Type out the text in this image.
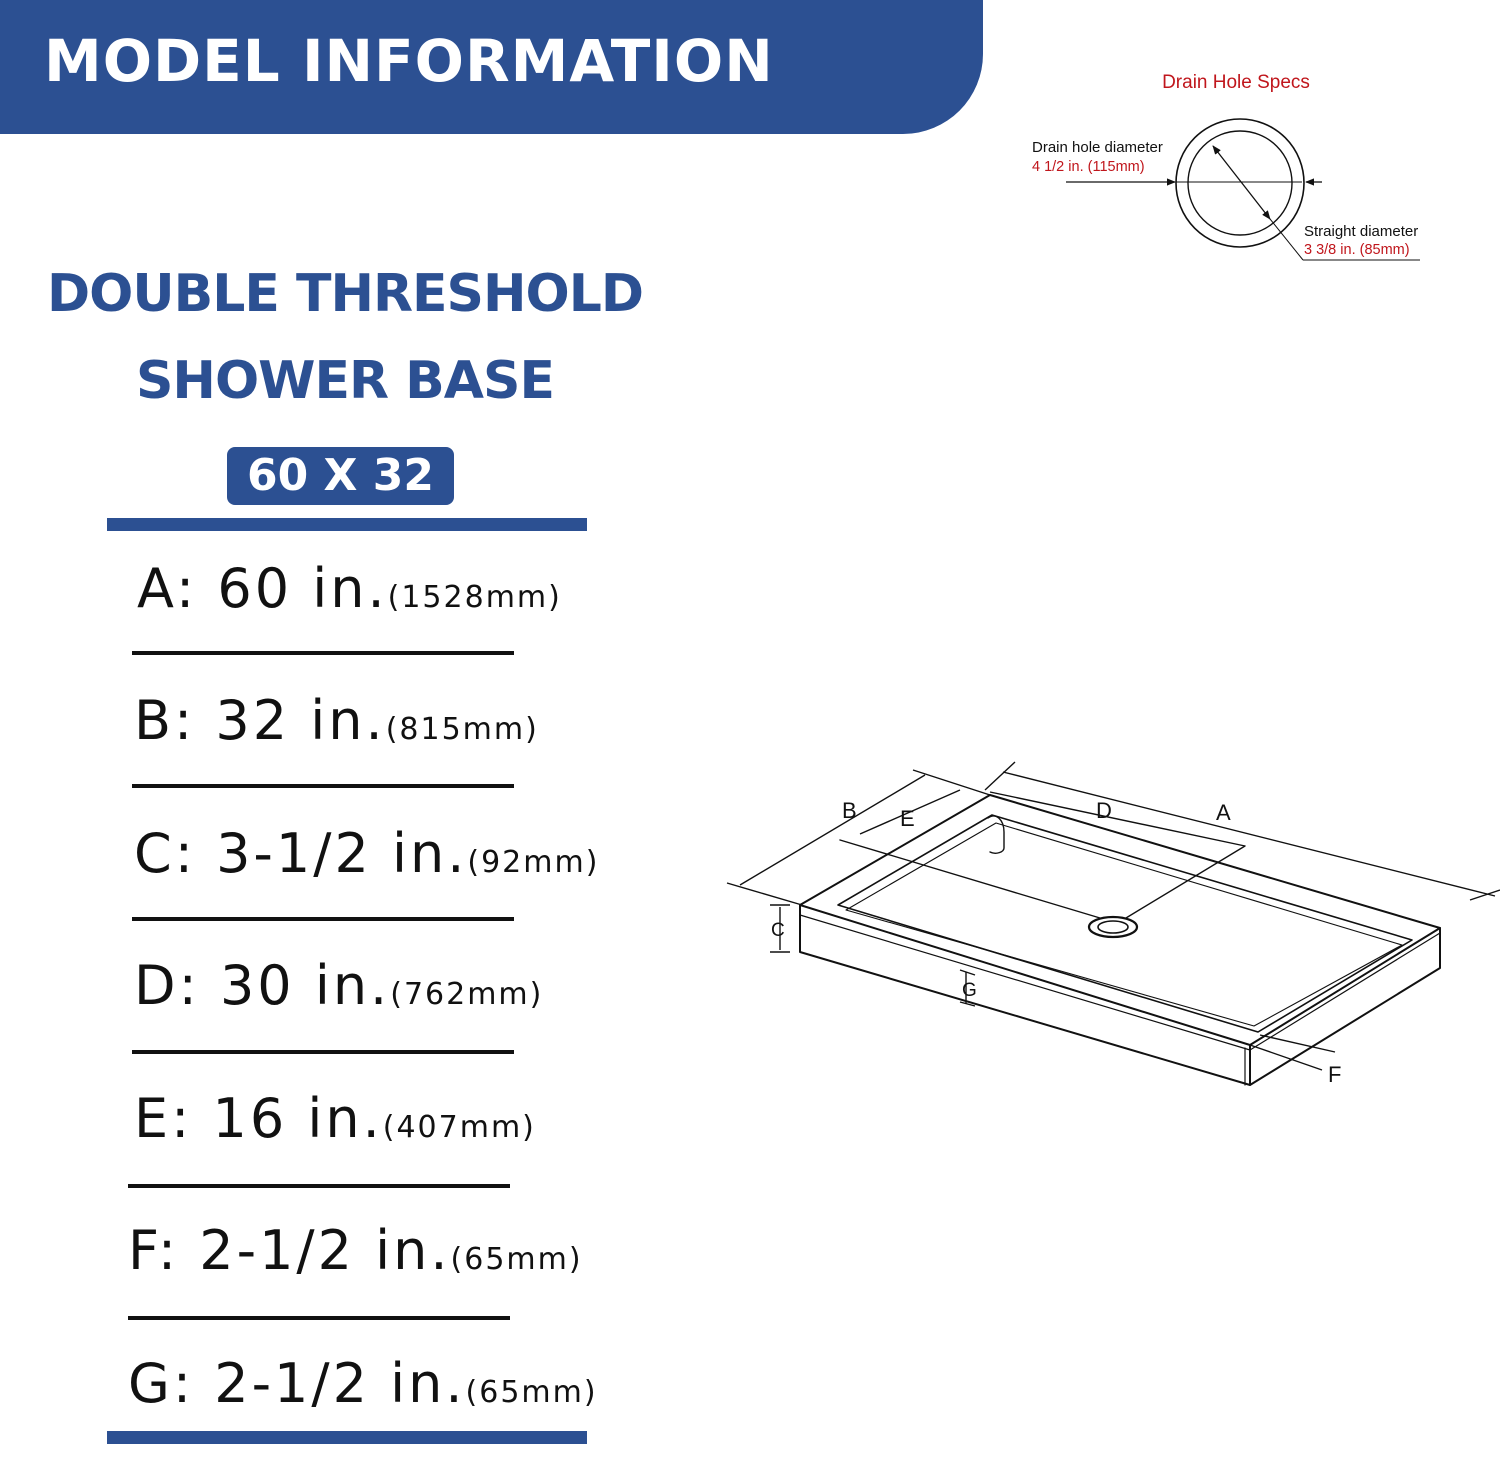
MODEL INFORMATION
DOUBLE THRESHOLD
SHOWER BASE
60 X 32
A: 60 in.(1528mm)
B: 32 in.(815mm)
C: 3-1/2 in.(92mm)
D: 30 in.(762mm)
E: 16 in.(407mm)
F: 2-1/2 in.(65mm)
G: 2-1/2 in.(65mm)
Drain Hole Specs
Drain hole diameter
4 1/2 in. (115mm)
Straight diameter
3 3/8 in. (85mm)
A
B
C
D
E
F
G
